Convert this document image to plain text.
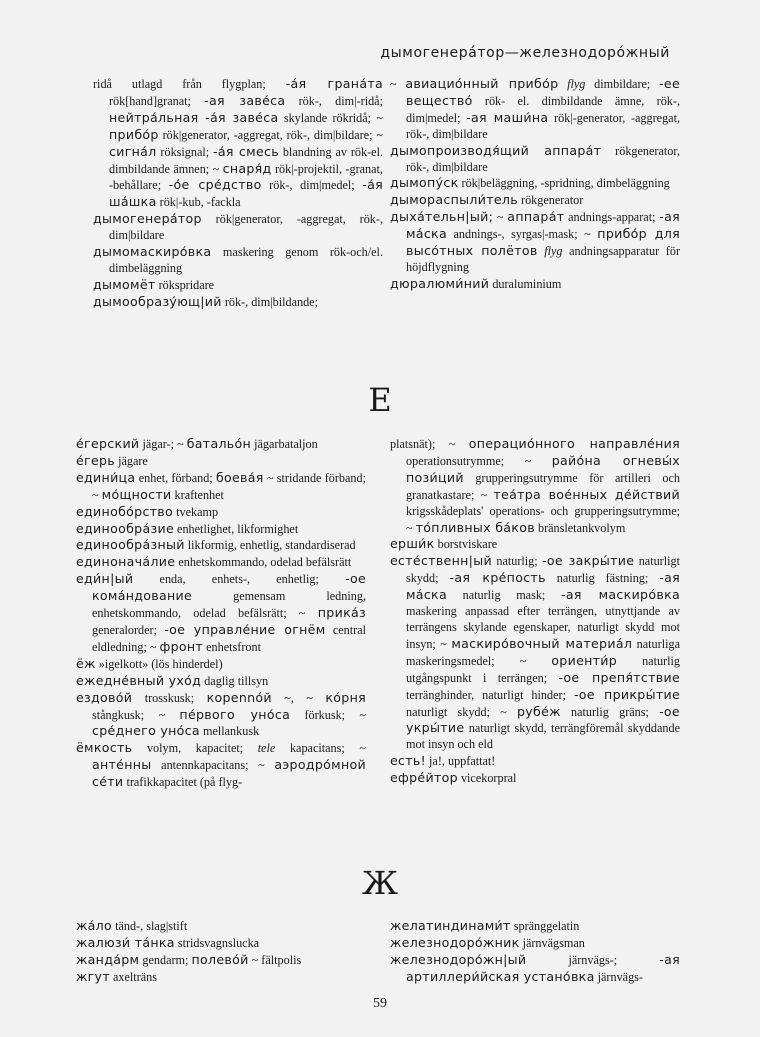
дымогенера́тор—железнодоро́жный
ridå utlagd från flygplan; -а́я грана́та rök[hand]granat; -ая заве́са rök-, dim|-ridå; нейтра́льная -а́я заве́са skylande rökridå; ~ прибо́р rök|generator, -aggregat, rök-, dim|bildare; ~ сигна́л röksignal; -а́я смесь blandning av rök-el. dimbildande ämnen; ~ снаря́д rök|-projektil, -granat, -behållare; -о́е сре́дство rök-, dim|medel; -а́я ша́шка rök|-kub, -fackla
дымогенера́тор rök|generator, -aggregat, rök-, dim|bildare
дымомаскиро́вка maskering genom rök-och/el. dimbeläggning
дымомёт rökspridare
дымообразу́ющ|ий rök-, dim|bildande;
~ авиацио́нный прибо́р flyg dimbildare; -ее вещество́ rök- el. dimbildande ämne, rök-, dim|medel; -ая маши́на rök|-generator, -aggregat, rök-, dim|bildare
дымопроизводя́щий аппара́т rökgenerator, rök-, dim|bildare
дымопу́ск rök|beläggning, -spridning, dimbeläggning
дымораспыли́тель rökgenerator
дыха́тельн|ый; ~ аппара́т andnings-apparat; -ая ма́ска andnings-, syrgas|-mask; ~ прибо́р для высо́тных полётов flyg andningsapparatur för höjdflygning
дюралюми́ний duraluminium
Е
е́герский jägar-; ~ батальо́н jägarbataljon
е́герь jägare
едини́ца enhet, förband; боева́я ~ stridande förband; ~ мо́щности kraftenhet
единобо́рство tvekamp
единообра́зие enhetlighet, likformighet
единообра́зный likformig, enhetlig, standardiserad
единонача́лие enhetskommando, odelad befälsrätt
еди́н|ый enda, enhets-, enhetlig; -ое кома́ндование gemensam ledning, enhetskommando, odelad befälsrätt; ~ прика́з generalorder; -ое управле́ние огнём central eldledning; ~ фронт enhetsfront
ёж »igelkott» (lös hinderdel)
ежедне́вный ухо́д daglig tillsyn
ездово́й trosskusk; корennо́й ~, ~ ко́рня stångkusk; ~ пе́рвого уно́са förkusk; ~ сре́днего уно́са mellankusk
ёмкость volym, kapacitet; tele kapacitans; ~ анте́нны antennkapacitans; ~ аэродро́мной се́ти trafikkapacitet (på flyg-
platsnät); ~ операцио́нного направле́ния operationsutrymme; ~ райо́на огневы́х пози́ций grupperingsutrymme för artilleri och granatkastare; ~ теа́тра вое́нных де́йствий krigsskådeplats' operations- och grupperingsutrymme; ~ то́пливных ба́ков bränsletankvolym
ерши́к borstviskare
есте́ственн|ый naturlig; -ое закры́тие naturligt skydd; -ая кре́пость naturlig fästning; -ая ма́ска naturlig mask; -ая маскиро́вка maskering anpassad efter terrängen, utnyttjande av terrängens skylande egenskaper, naturligt skydd mot insyn; ~ маскиро́вочный материа́л naturliga maskeringsmedel; ~ ориенти́р naturlig utgångspunkt i terrängen; -ое препя́тствие terränghinder, naturligt hinder; -ое прикры́тие naturligt skydd; ~ рубе́ж naturlig gräns; -ое укры́тие naturligt skydd, terrängföremål skyddande mot insyn och eld
есть! ja!, uppfattat!
ефре́йтор vicekorpral
Ж
жа́ло tänd-, slag|stift
жалюзи́ та́нка stridsvagnslucka
жанда́рм gendarm; полево́й ~ fältpolis
жгут axelträns
желатиндинами́т spränggelatin
железнодоро́жник järnvägsman
железнодоро́жн|ый järnvägs-; -ая артиллери́йская устано́вка järnvägs-
59
